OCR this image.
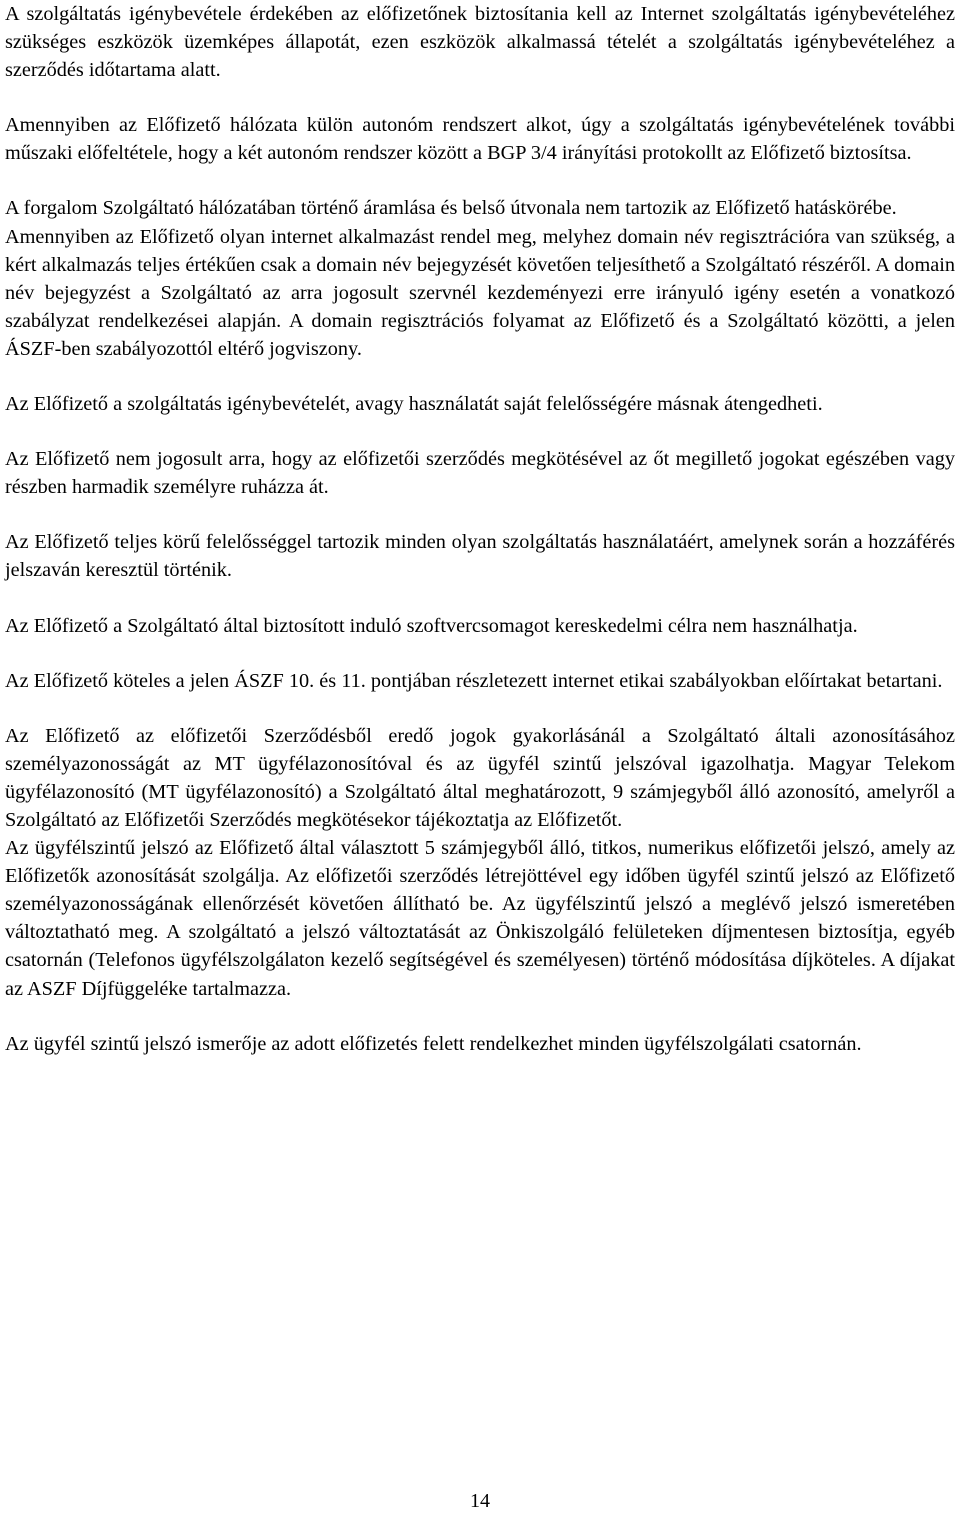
A szolgáltatás igénybevétele érdekében az előfizetőnek biztosítania kell az Internet szolgáltatás igénybevételéhez szükséges eszközök üzemképes állapotát, ezen eszközök alkalmassá tételét a szolgáltatás igénybevételéhez a szerződés időtartama alatt.

Amennyiben az Előfizető hálózata külön autonóm rendszert alkot, úgy a szolgáltatás igénybevételének további műszaki előfeltétele, hogy a két autonóm rendszer között a BGP 3/4 irányítási protokollt az Előfizető biztosítsa.

A forgalom Szolgáltató hálózatában történő áramlása és belső útvonala nem tartozik az Előfizető hatáskörébe.

Amennyiben az Előfizető olyan internet alkalmazást rendel meg, melyhez domain név regisztrációra van szükség, a kért alkalmazás teljes értékűen csak a domain név bejegyzését követően teljesíthető a Szolgáltató részéről. A domain név bejegyzést a Szolgáltató az arra jogosult szervnél kezdeményezi erre irányuló igény esetén a vonatkozó szabályzat rendelkezései alapján. A domain regisztrációs folyamat az Előfizető és a Szolgáltató közötti, a jelen ÁSZF-ben szabályozottól eltérő jogviszony.

Az Előfizető a szolgáltatás igénybevételét, avagy használatát saját felelősségére másnak átengedheti.

Az Előfizető nem jogosult arra, hogy az előfizetői szerződés megkötésével az őt megillető jogokat egészében vagy részben harmadik személyre ruházza át.

Az Előfizető teljes körű felelősséggel tartozik minden olyan szolgáltatás használatáért, amelynek során a hozzáférés jelszaván keresztül történik.

Az Előfizető a Szolgáltató által biztosított induló szoftvercsomagot kereskedelmi célra nem használhatja.

Az Előfizető köteles a jelen ÁSZF 10. és 11. pontjában részletezett internet etikai szabályokban előírtakat betartani.

Az Előfizető az előfizetői Szerződésből eredő jogok gyakorlásánál a Szolgáltató általi azonosításához személyazonosságát az MT ügyfélazonosítóval és az ügyfél szintű jelszóval igazolhatja. Magyar Telekom ügyfélazonosító (MT ügyfélazonosító) a Szolgáltató által meghatározott, 9 számjegyből álló azonosító, amelyről a Szolgáltató az Előfizetői Szerződés megkötésekor tájékoztatja az Előfizetőt.

Az ügyfélszintű jelszó az Előfizető által választott 5 számjegyből álló, titkos, numerikus előfizetői jelszó, amely az Előfizetők azonosítását szolgálja. Az előfizetői szerződés létrejöttével egy időben ügyfél szintű jelszó az Előfizető személyazonosságának ellenőrzését követően állítható be. Az ügyfélszintű jelszó a meglévő jelszó ismeretében változtatható meg. A szolgáltató a jelszó változtatását az Önkiszolgáló felületeken díjmentesen biztosítja, egyéb csatornán (Telefonos ügyfélszolgálaton kezelő segítségével és személyesen) történő módosítása díjköteles. A díjakat az ASZF Díjfüggeléke tartalmazza.

Az ügyfél szintű jelszó ismerője az adott előfizetés felett rendelkezhet minden ügyfélszolgálati csatornán.

14
